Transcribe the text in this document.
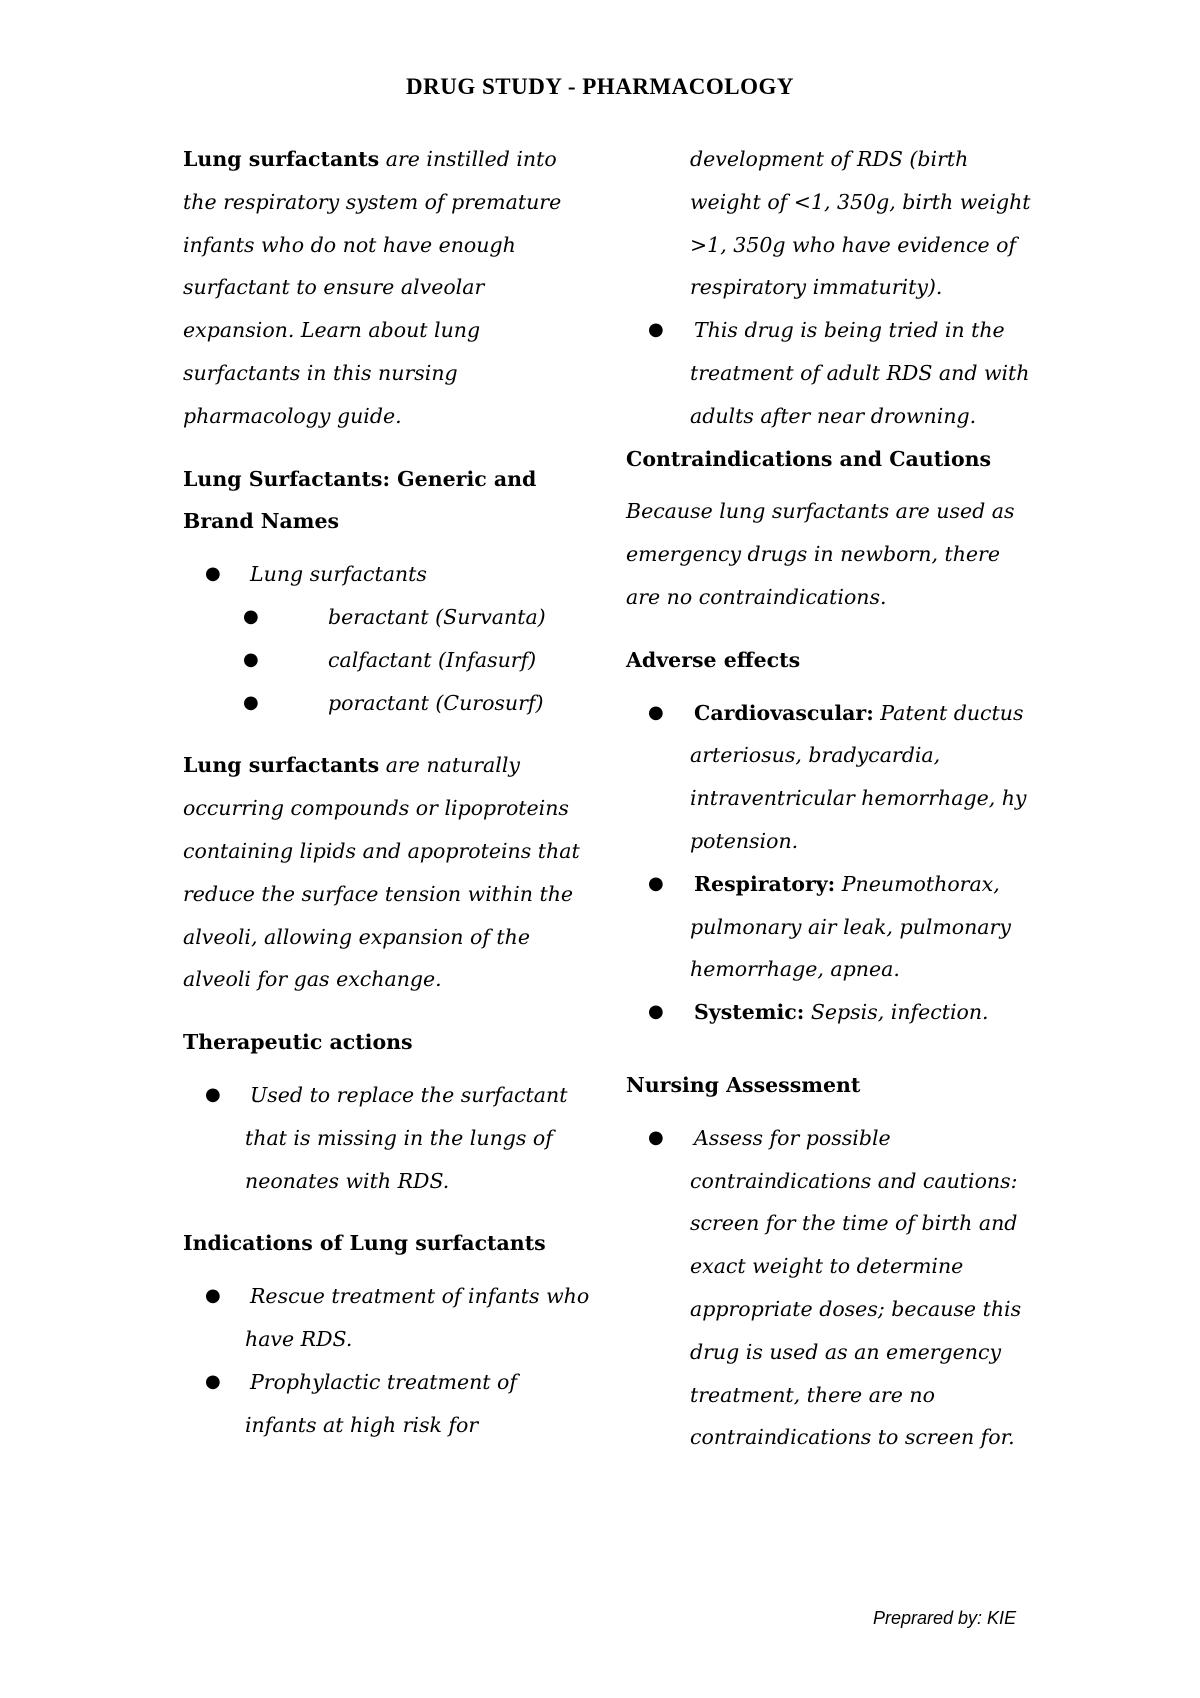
DRUG STUDY - PHARMACOLOGY
Lung surfactants are instilled into
the respiratory system of premature
infants who do not have enough
surfactant to ensure alveolar
expansion. Learn about lung
surfactants in this nursing
pharmacology guide.
Lung Surfactants: Generic and
Brand Names
● Lung surfactants
●	beractant (Survanta)
●	calfactant (Infasurf)
●	poractant (Curosurf)
Lung surfactants are naturally
occurring compounds or lipoproteins
containing lipids and apoproteins that
reduce the surface tension within the
alveoli, allowing expansion of the
alveoli for gas exchange.
Therapeutic actions
● Used to replace the surfactant
that is missing in the lungs of
neonates with RDS.
Indications of Lung surfactants
● Rescue treatment of infants who
have RDS.
● Prophylactic treatment of
infants at high risk for
development of RDS (birth
weight of <1, 350g, birth weight
>1, 350g who have evidence of
respiratory immaturity).
● This drug is being tried in the
treatment of adult RDS and with
adults after near drowning.
Contraindications and Cautions
Because lung surfactants are used as
emergency drugs in newborn, there
are no contraindications.
Adverse effects
● Cardiovascular: Patent ductus
arteriosus, bradycardia,
intraventricular hemorrhage, hy
potension.
● Respiratory: Pneumothorax,
pulmonary air leak, pulmonary
hemorrhage, apnea.
● Systemic: Sepsis, infection.
Nursing Assessment
● Assess for possible
contraindications and cautions:
screen for the time of birth and
exact weight to determine
appropriate doses; because this
drug is used as an emergency
treatment, there are no
contraindications to screen for.
Preprared by: KIE
